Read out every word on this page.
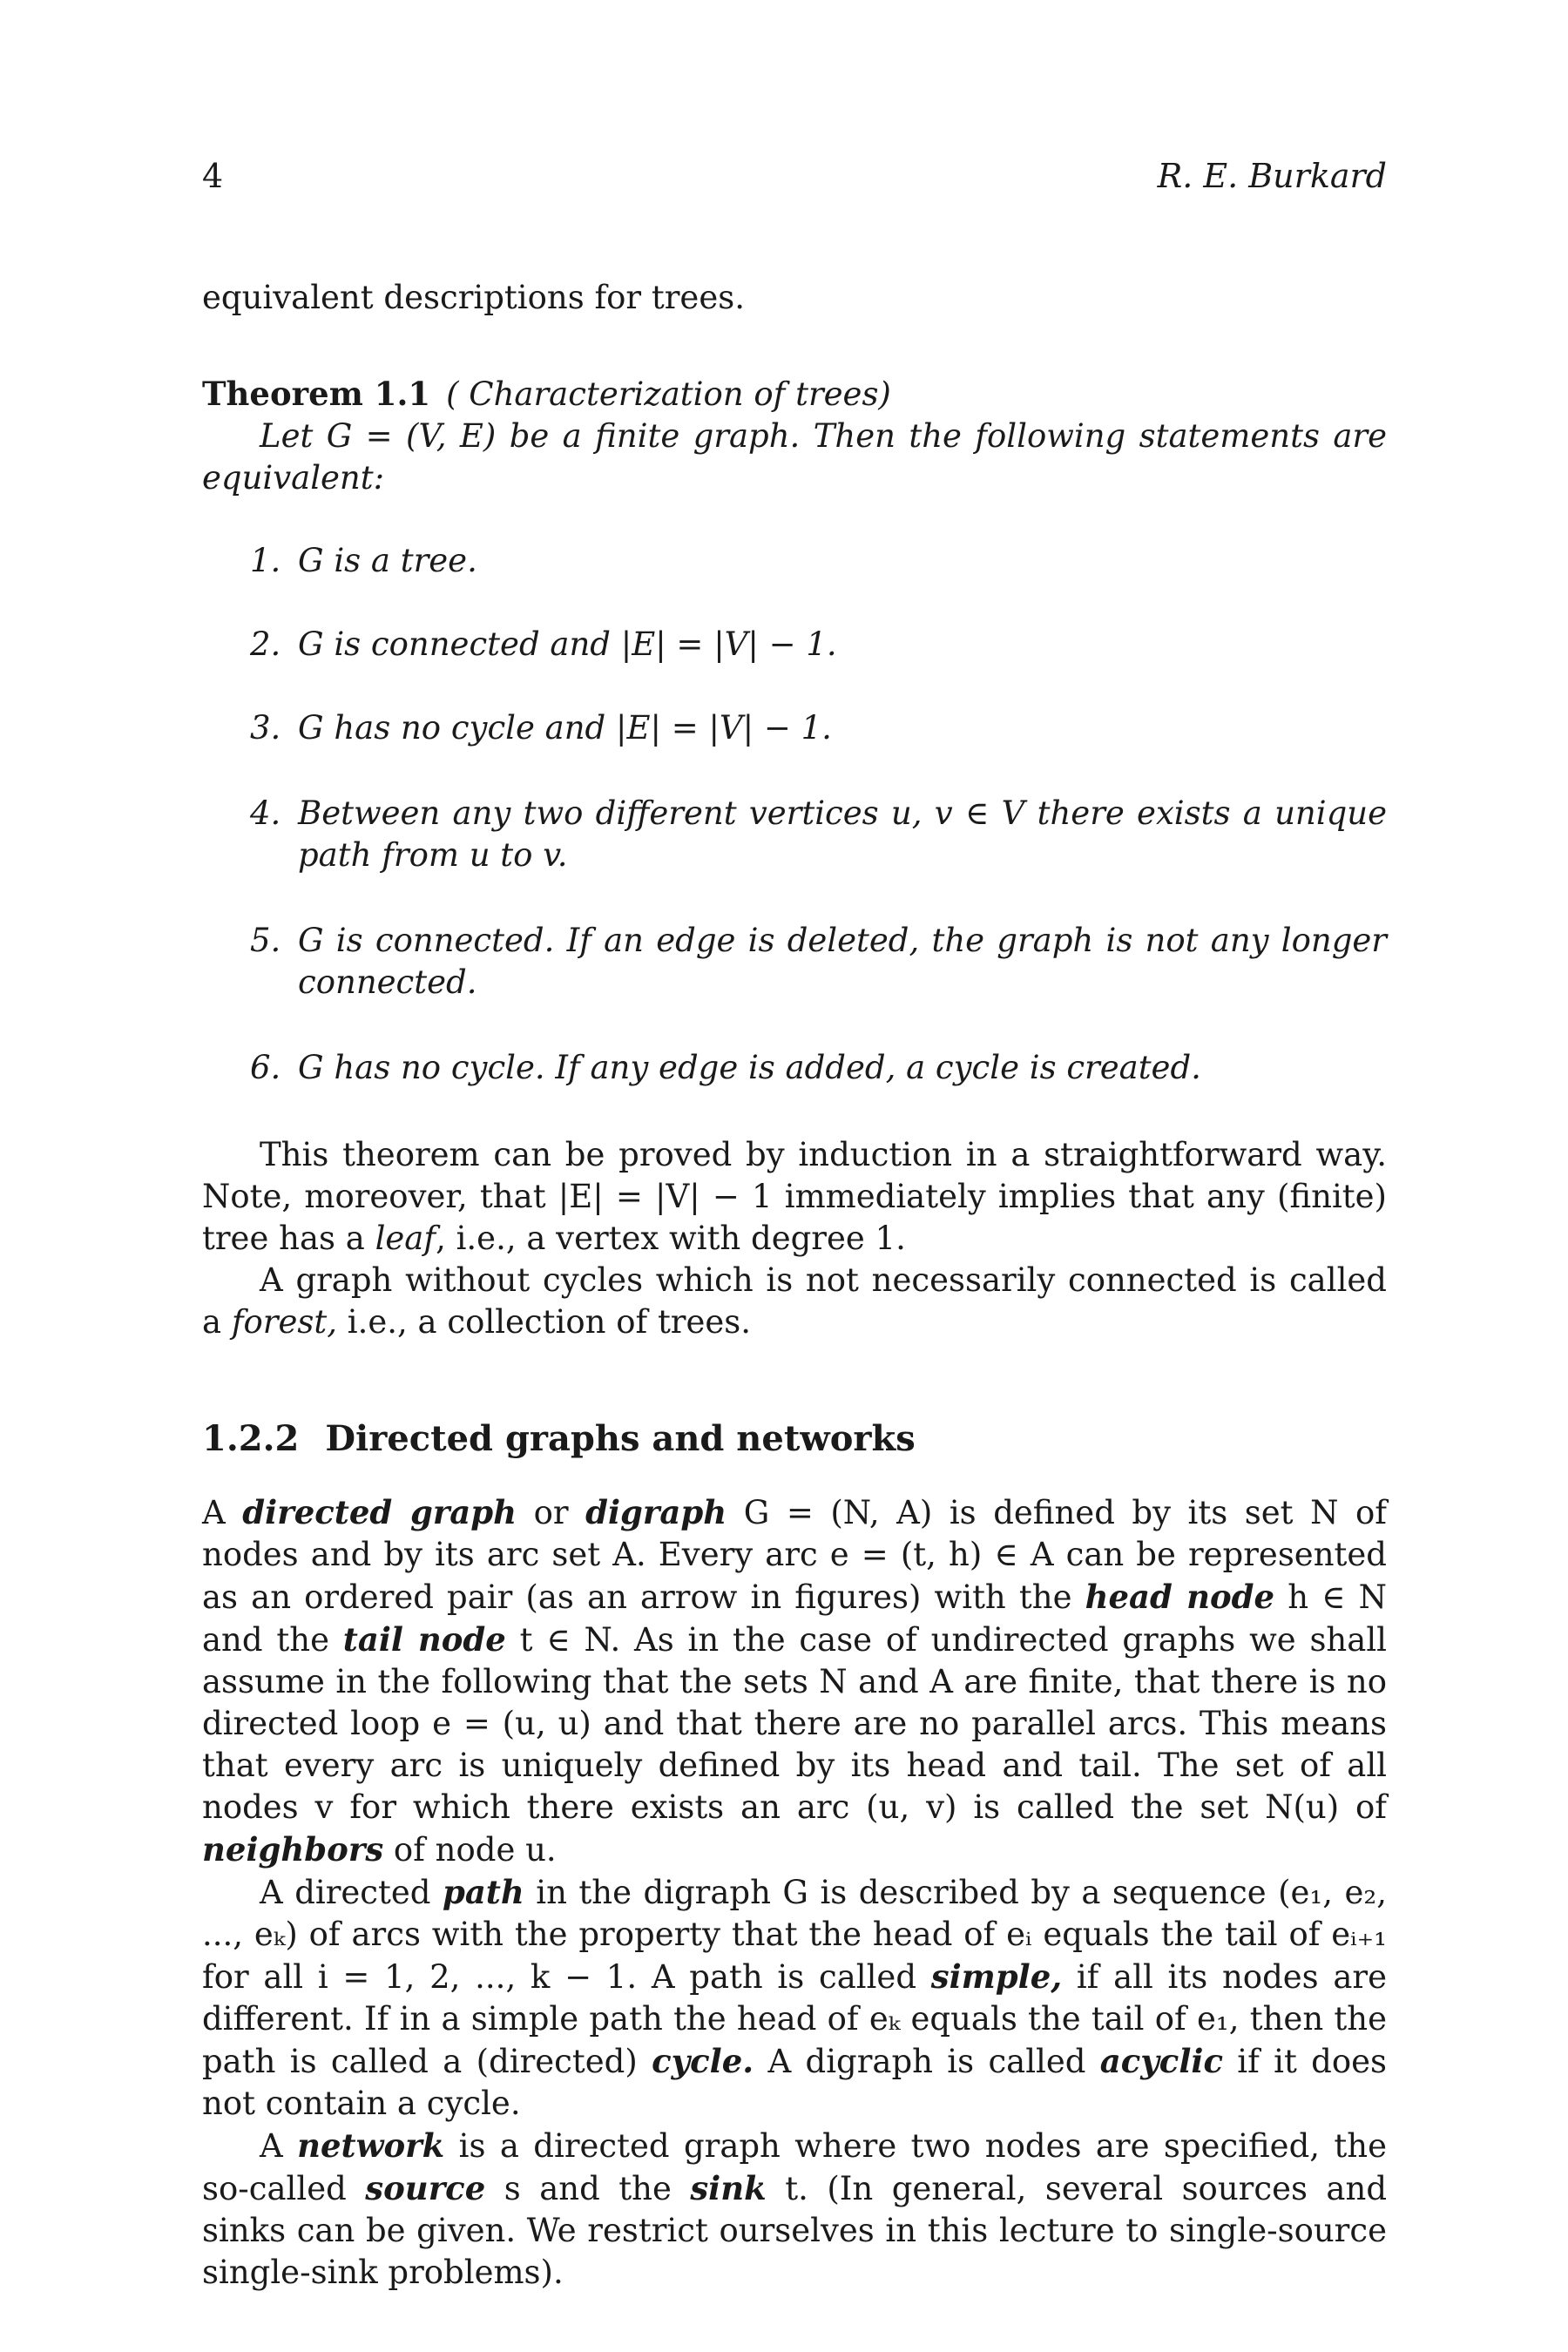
4	R. E. Burkard

equivalent descriptions for trees.

Theorem 1.1 ( Characterization of trees)

Let G = (V, E) be a finite graph. Then the following statements are equivalent:

1. G is a tree.
2. G is connected and |E| = |V| − 1.
3. G has no cycle and |E| = |V| − 1.
4. Between any two different vertices u, v ∈ V there exists a unique path from u to v.
5. G is connected. If an edge is deleted, the graph is not any longer connected.
6. G has no cycle. If any edge is added, a cycle is created.

This theorem can be proved by induction in a straightforward way. Note, moreover, that |E| = |V| − 1 immediately implies that any (finite) tree has a leaf, i.e., a vertex with degree 1.

A graph without cycles which is not necessarily connected is called a forest, i.e., a collection of trees.

1.2.2 Directed graphs and networks

A directed graph or digraph G = (N, A) is defined by its set N of nodes and by its arc set A. Every arc e = (t, h) ∈ A can be represented as an ordered pair (as an arrow in figures) with the head node h ∈ N and the tail node t ∈ N. As in the case of undirected graphs we shall assume in the following that the sets N and A are finite, that there is no directed loop e = (u, u) and that there are no parallel arcs. This means that every arc is uniquely defined by its head and tail. The set of all nodes v for which there exists an arc (u, v) is called the set N(u) of neighbors of node u.

A directed path in the digraph G is described by a sequence (e₁, e₂, ..., eₖ) of arcs with the property that the head of eᵢ equals the tail of eᵢ₊₁ for all i = 1, 2, ..., k − 1. A path is called simple, if all its nodes are different. If in a simple path the head of eₖ equals the tail of e₁, then the path is called a (directed) cycle. A digraph is called acyclic if it does not contain a cycle.

A network is a directed graph where two nodes are specified, the so-called source s and the sink t. (In general, several sources and sinks can be given. We restrict ourselves in this lecture to single-source single-sink problems).
